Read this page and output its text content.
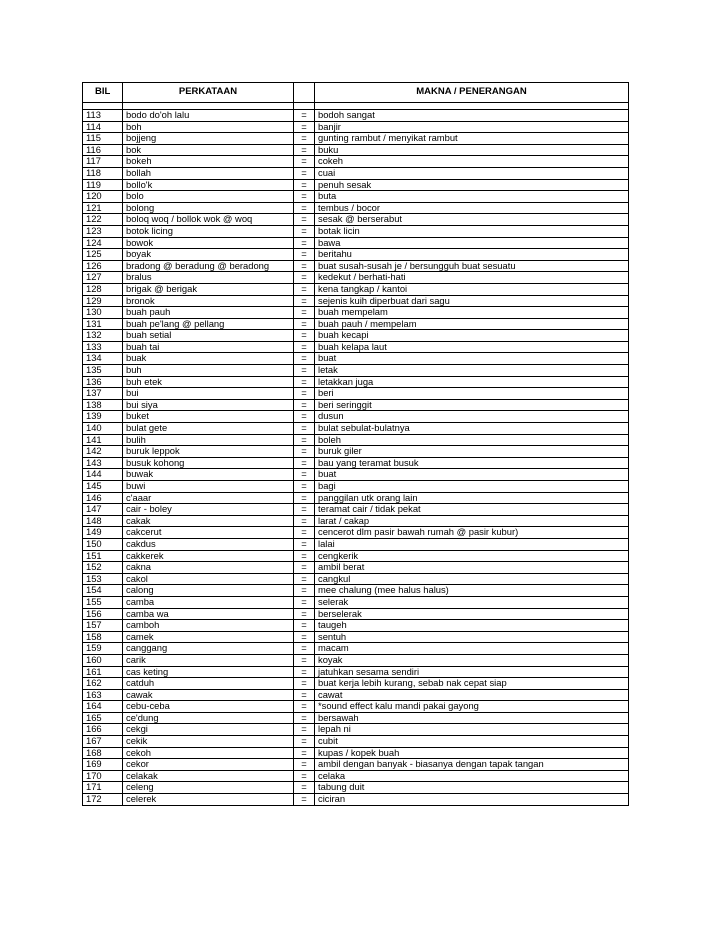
BIL	PERKATAAN		MAKNA / PENERANGAN

113	bodo do'oh lalu	=	bodoh sangat
114	boh	=	banjir
115	bojjeng	=	gunting rambut / menyikat rambut
116	bok	=	buku
117	bokeh	=	cokeh
118	bollah	=	cuai
119	bollo'k	=	penuh sesak
120	bolo	=	buta
121	bolong	=	tembus / bocor
122	boloq woq / bollok wok @ woq	=	sesak @ berserabut
123	botok licing	=	botak licin
124	bowok	=	bawa
125	boyak	=	beritahu
126	bradong @ beradung @ beradong	=	buat susah-susah je / bersungguh buat sesuatu
127	bralus	=	kedekut / berhati-hati
128	brigak @ berigak	=	kena tangkap / kantoi
129	bronok	=	sejenis kuih diperbuat dari sagu
130	buah pauh	=	buah mempelam
131	buah pe'lang @ pellang	=	buah pauh / mempelam
132	buah setial	=	buah kecapi
133	buah tai	=	buah kelapa laut
134	buak	=	buat
135	buh	=	letak
136	buh etek	=	letakkan juga
137	bui	=	beri
138	bui siya	=	beri seringgit
139	buket	=	dusun
140	bulat gete	=	bulat sebulat-bulatnya
141	bulih	=	boleh
142	buruk leppok	=	buruk giler
143	busuk kohong	=	bau yang teramat busuk
144	buwak	=	buat
145	buwi	=	bagi
146	c'aaar	=	panggilan utk orang lain
147	cair - boley	=	teramat cair / tidak pekat
148	cakak	=	larat / cakap
149	cakcerut	=	cencerot dlm pasir bawah rumah @ pasir kubur)
150	cakdus	=	lalai
151	cakkerek	=	cengkerik
152	cakna	=	ambil berat
153	cakol	=	cangkul
154	calong	=	mee chalung (mee halus halus)
155	camba	=	selerak
156	camba wa	=	berselerak
157	camboh	=	taugeh
158	camek	=	sentuh
159	canggang	=	macam
160	carik	=	koyak
161	cas keting	=	jatuhkan sesama sendiri
162	catduh	=	buat kerja lebih kurang, sebab nak cepat siap
163	cawak	=	cawat
164	cebu-ceba	=	*sound effect kalu mandi pakai gayong
165	ce'dung	=	bersawah
166	cekgi	=	lepah ni
167	cekik	=	cubit
168	cekoh	=	kupas / kopek buah
169	cekor	=	ambil dengan banyak - biasanya dengan tapak tangan
170	celakak	=	celaka
171	celeng	=	tabung duit
172	celerek	=	ciciran
